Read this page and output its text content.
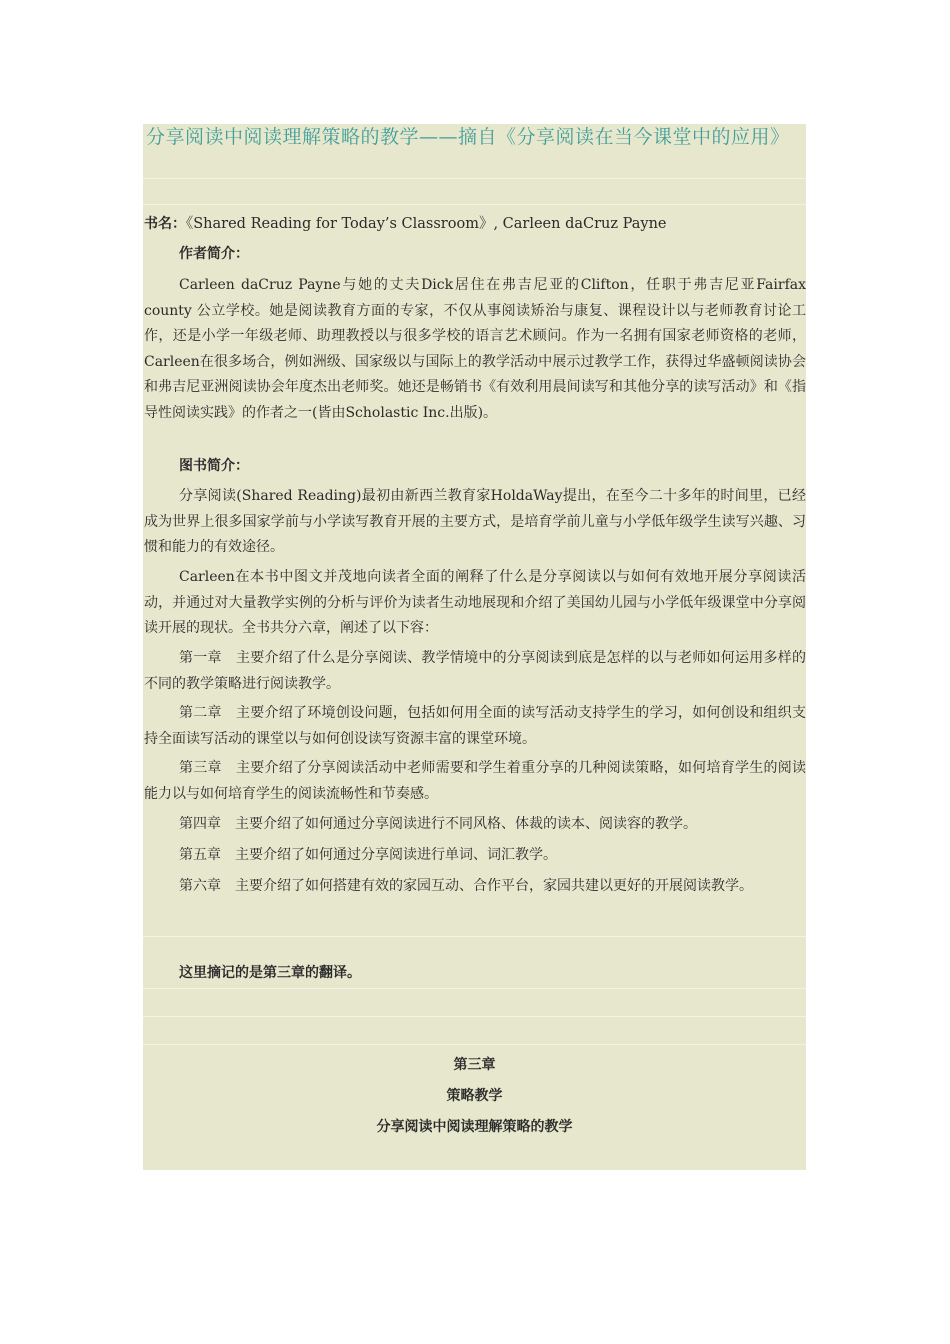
分享阅读中阅读理解策略的教学——摘自《分享阅读在当今课堂中的应用》
书名：《Shared Reading for Today’s Classroom》, Carleen daCruz Payne
作者简介：

Carleen daCruz Payne与她的丈夫Dick居住在弗吉尼亚的Clifton，任职于弗吉尼亚Fairfax county 公立学校。她是阅读教育方面的专家，不仅从事阅读矫治与康复、课程设计以与老师教育讨论工作，还是小学一年级老师、助理教授以与很多学校的语言艺术顾问。作为一名拥有国家老师资格的老师，Carleen在很多场合，例如洲级、国家级以与国际上的教学活动中展示过教学工作，获得过华盛顿阅读协会和弗吉尼亚洲阅读协会年度杰出老师奖。她还是畅销书《有效利用晨间读写和其他分享的读写活动》和《指导性阅读实践》的作者之一(皆由Scholastic Inc.出版)。

图书简介：

分享阅读(Shared Reading)最初由新西兰教育家HoldaWay提出，在至今二十多年的时间里，已经成为世界上很多国家学前与小学读写教育开展的主要方式，是培育学前儿童与小学低年级学生读写兴趣、习惯和能力的有效途径。

Carleen在本书中图文并茂地向读者全面的阐释了什么是分享阅读以与如何有效地开展分享阅读活动，并通过对大量教学实例的分析与评价为读者生动地展现和介绍了美国幼儿园与小学低年级课堂中分享阅读开展的现状。全书共分六章，阐述了以下容：

第一章　主要介绍了什么是分享阅读、教学情境中的分享阅读到底是怎样的以与老师如何运用多样的不同的教学策略进行阅读教学。

第二章　主要介绍了环境创设问题，包括如何用全面的读写活动支持学生的学习，如何创设和组织支持全面读写活动的课堂以与如何创设读写资源丰富的课堂环境。

第三章　主要介绍了分享阅读活动中老师需要和学生着重分享的几种阅读策略，如何培育学生的阅读能力以与如何培育学生的阅读流畅性和节奏感。

第四章　主要介绍了如何通过分享阅读进行不同风格、体裁的读本、阅读容的教学。

第五章　主要介绍了如何通过分享阅读进行单词、词汇教学。

第六章　主要介绍了如何搭建有效的家园互动、合作平台，家园共建以更好的开展阅读教学。

这里摘记的是第三章的翻译。
第三章
策略教学
分享阅读中阅读理解策略的教学
